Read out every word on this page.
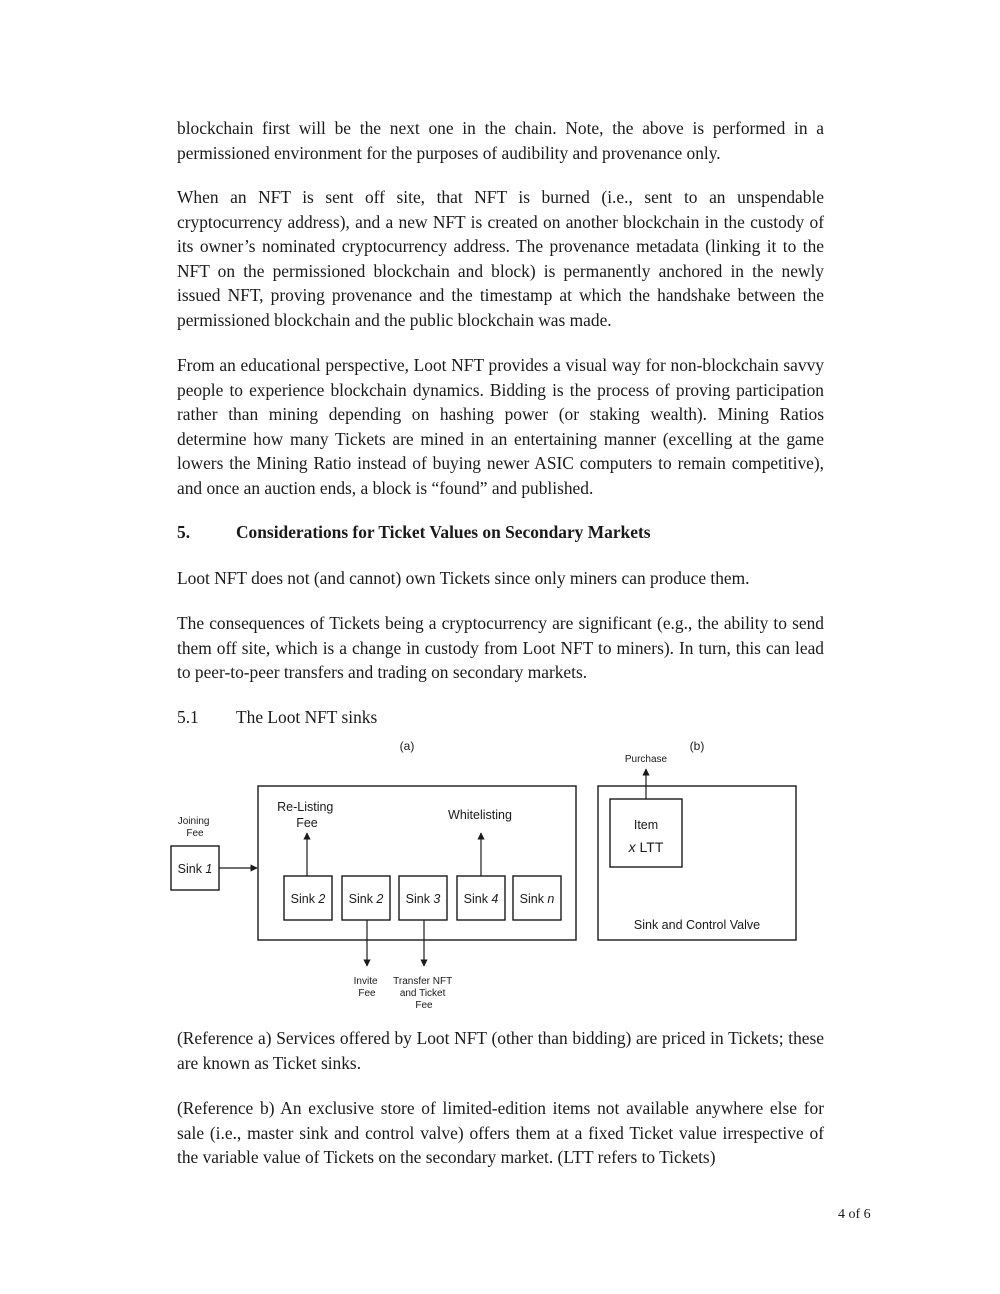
blockchain first will be the next one in the chain. Note, the above is performed in a permissioned environment for the purposes of audibility and provenance only.

When an NFT is sent off site, that NFT is burned (i.e., sent to an unspendable cryptocurrency address), and a new NFT is created on another blockchain in the custody of its owner’s nominated cryptocurrency address. The provenance metadata (linking it to the NFT on the permissioned blockchain and block) is permanently anchored in the newly issued NFT, proving provenance and the timestamp at which the handshake between the permissioned blockchain and the public blockchain was made.

From an educational perspective, Loot NFT provides a visual way for non-blockchain savvy people to experience blockchain dynamics. Bidding is the process of proving participation rather than mining depending on hashing power (or staking wealth). Mining Ratios determine how many Tickets are mined in an entertaining manner (excelling at the game lowers the Mining Ratio instead of buying newer ASIC computers to remain competitive), and once an auction ends, a block is “found” and published.

5.	Considerations for Ticket Values on Secondary Markets

Loot NFT does not (and cannot) own Tickets since only miners can produce them.

The consequences of Tickets being a cryptocurrency are significant (e.g., the ability to send them off site, which is a change in custody from Loot NFT to miners). In turn, this can lead to peer-to-peer transfers and trading on secondary markets.

5.1 The Loot NFT sinks
(a)	(b)
Joining Fee
Sink 1
Re-Listing Fee
Whitelisting
Sink 2 Sink 2 Sink 3 Sink 4 Sink n
Invite Fee
Transfer NFT and Ticket Fee
Purchase
Item
x LTT
Sink and Control Valve

(Reference a) Services offered by Loot NFT (other than bidding) are priced in Tickets; these are known as Ticket sinks.

(Reference b) An exclusive store of limited-edition items not available anywhere else for sale (i.e., master sink and control valve) offers them at a fixed Ticket value irrespective of the variable value of Tickets on the secondary market. (LTT refers to Tickets)

4 of 6
